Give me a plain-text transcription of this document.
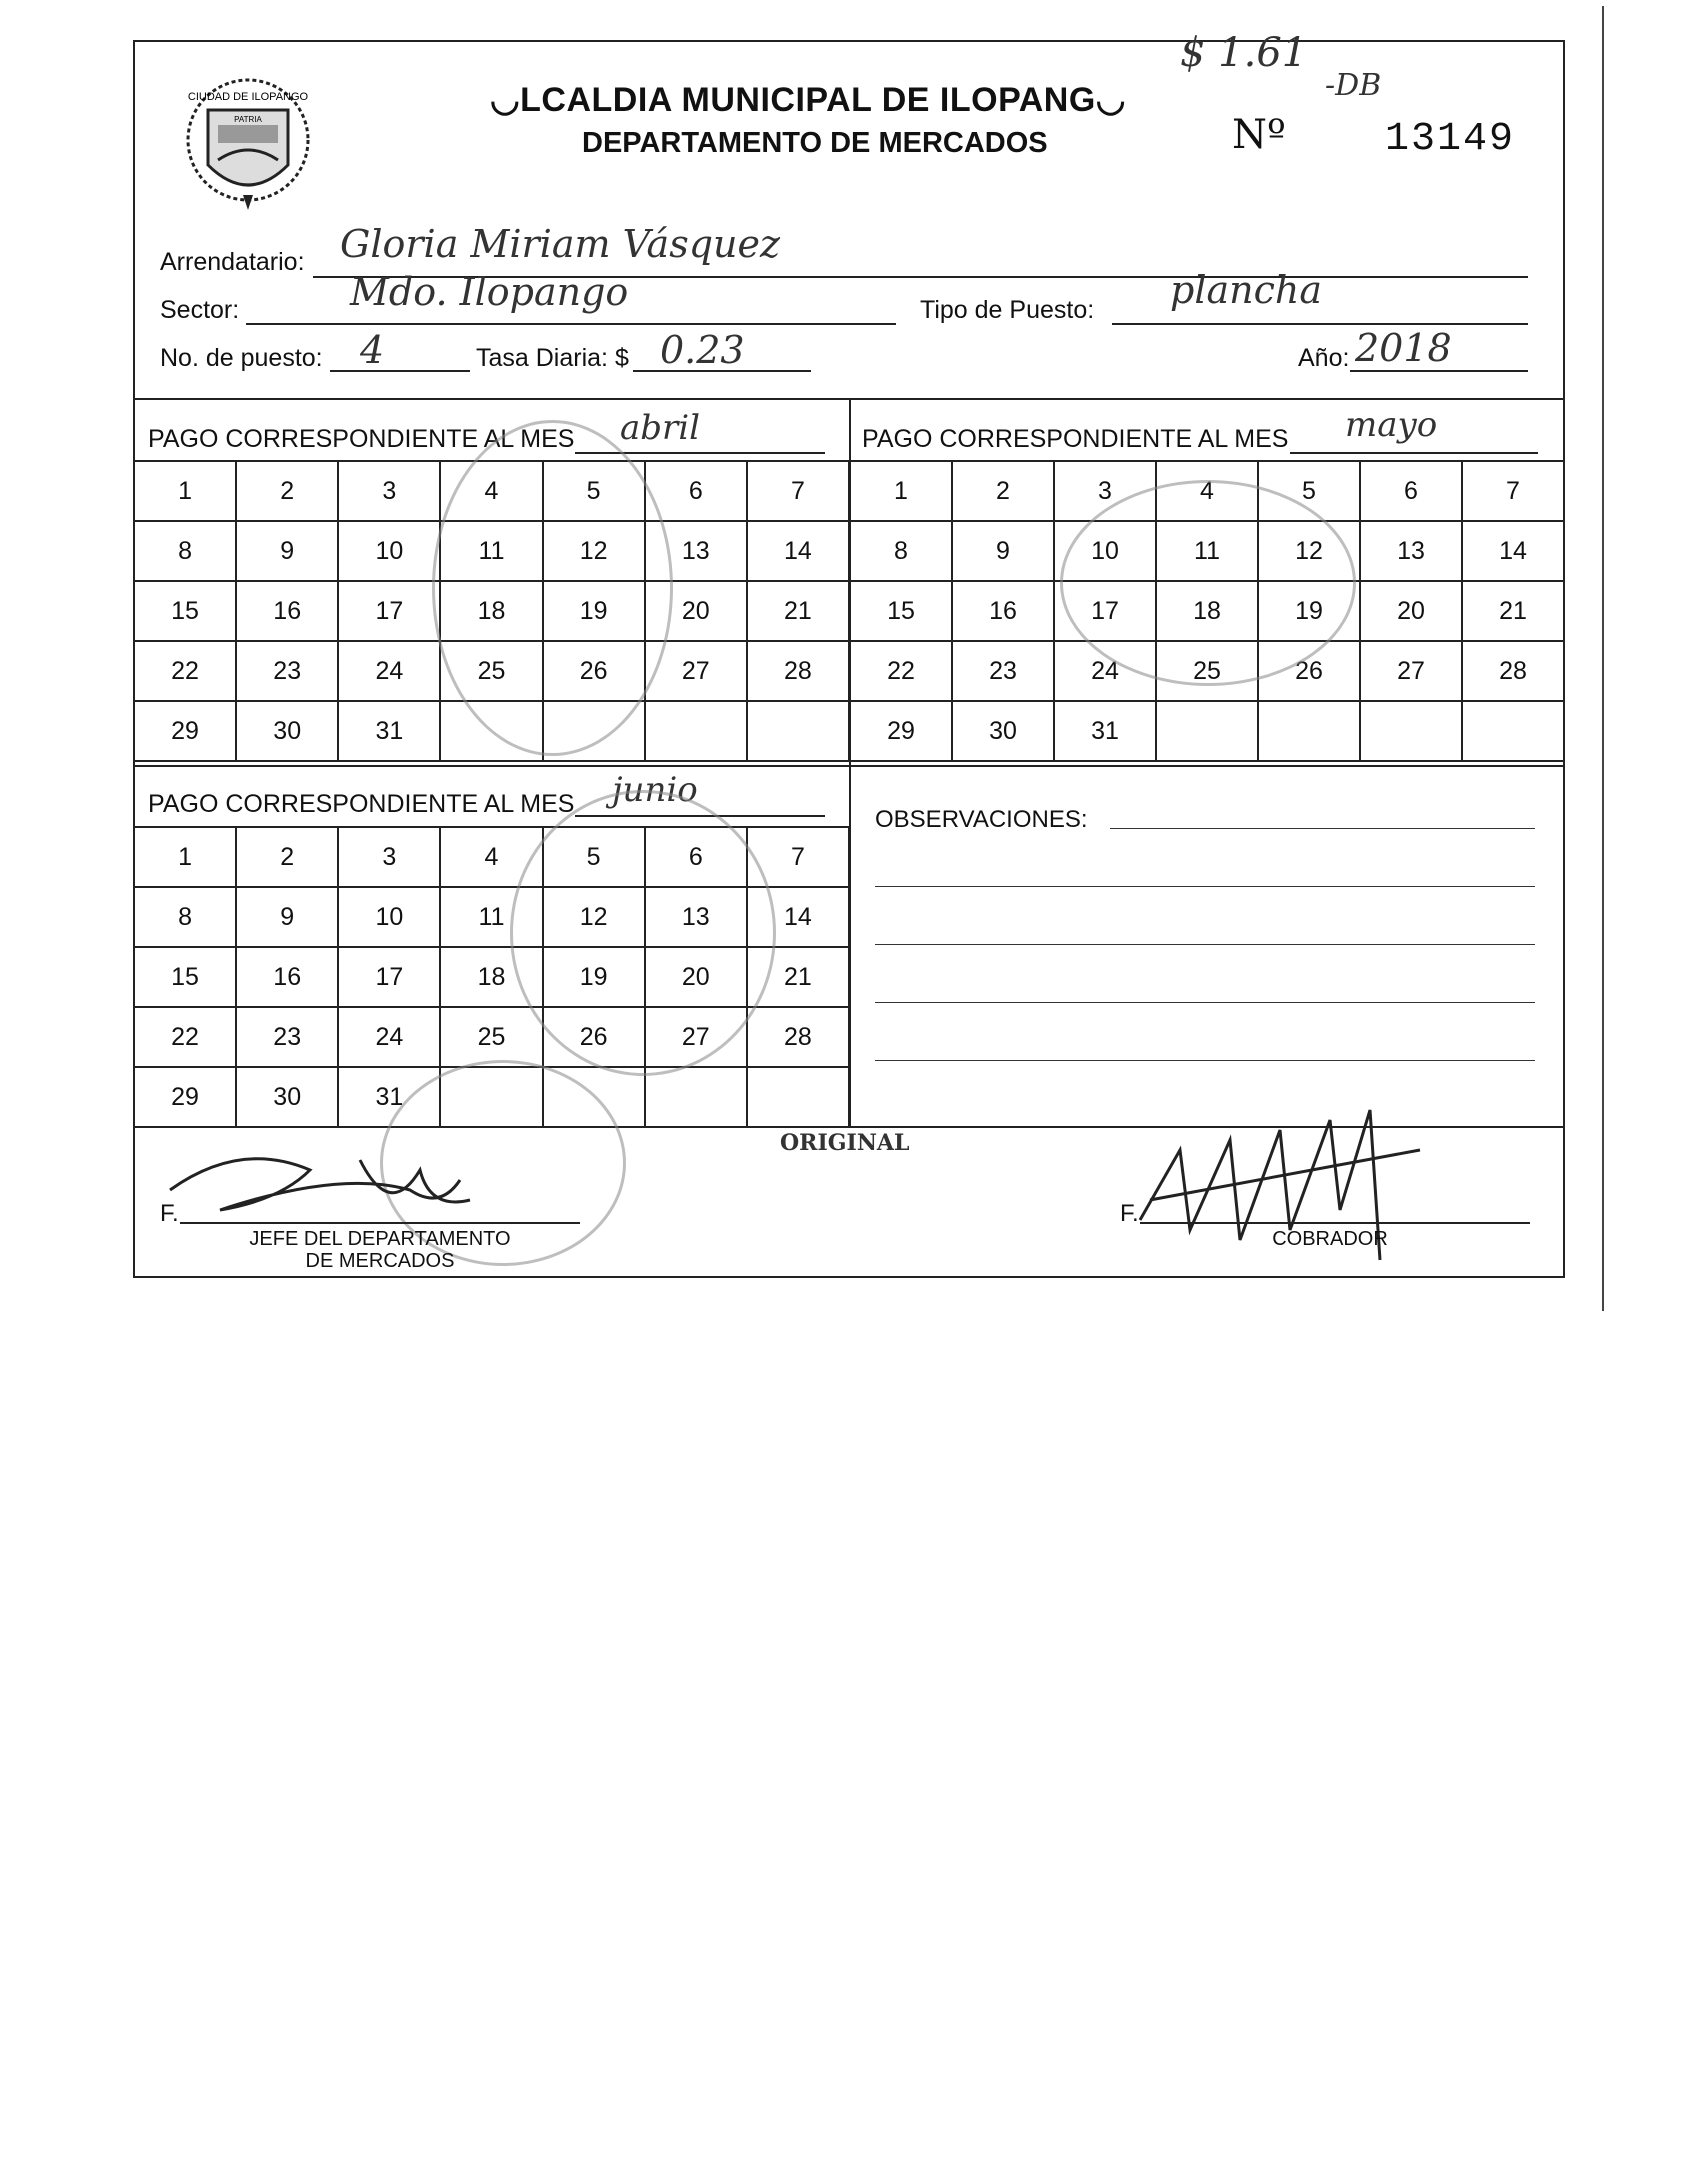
CIUDAD DE ILOPANGO
PATRIA
◡LCALDIA MUNICIPAL DE ILOPANG◡
DEPARTAMENTO DE MERCADOS
$ 1.61
-DB
Nº 13149
Arrendatario: Gloria Miriam Vásquez
Sector:	Mdo. Ilopango	Tipo de Puesto: plancha
No. de puesto: 4	Tasa Diaria: $ 0.23	Año: 2018
PAGO CORRESPONDIENTE AL MES abril	PAGO CORRESPONDIENTE AL MES mayo
PAGO CORRESPONDIENTE AL MES junio
1	2	3	4	5	6	7
8	9	10	11	12	13	14
15	16	17	18	19	20	21
22	23	24	25	26	27	28
29	30	31				
1	2	3	4	5	6	7
8	9	10	11	12	13	14
15	16	17	18	19	20	21
22	23	24	25	26	27	28
29	30	31				
1	2	3	4	5	6	7
8	9	10	11	12	13	14
15	16	17	18	19	20	21
22	23	24	25	26	27	28
29	30	31				
OBSERVACIONES:
ORIGINAL
F.
JEFE DEL DEPARTAMENTO
DE MERCADOS
F.
COBRADOR
